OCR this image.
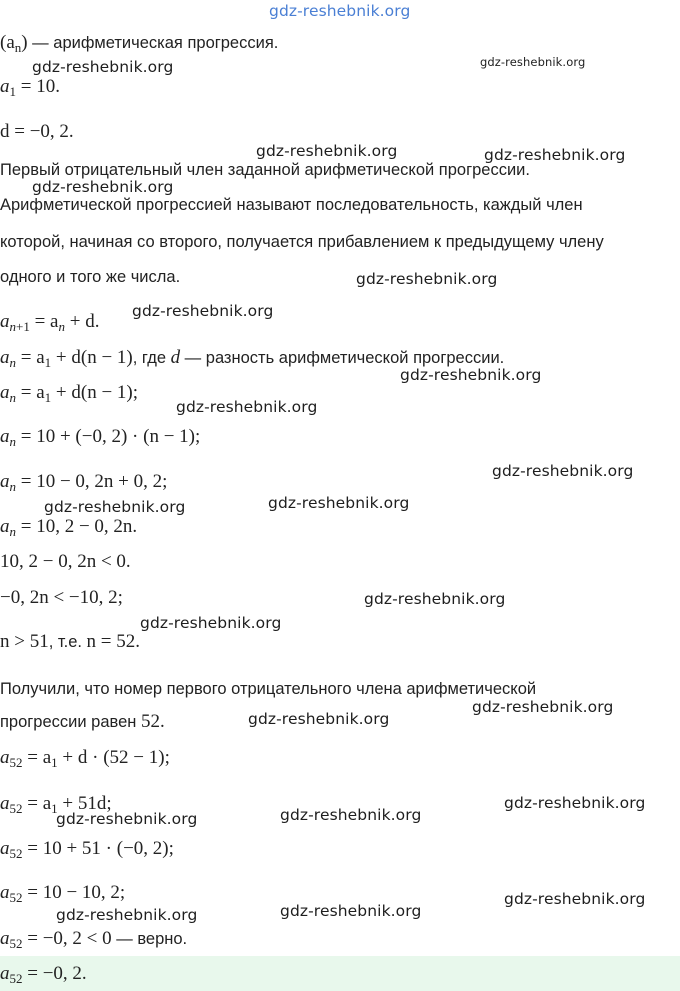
gdz-reshebnik.org
$(a_n)$ — арифметическая прогрессия.
$a_1 = 10$.
d = −0, 2.
Первый отрицательный член заданной арифметической прогрессии.
Арифметической прогрессией называют последовательность, каждый член
которой, начиная со второго, получается прибавлением к предыдущему члену
одного и того же числа.
$a_{n+1} = a_n + d$.
$a_n = a_1 + d(n - 1)$, где d — разность арифметической прогрессии.
$a_n = a_1 + d(n - 1)$;
$a_n = 10 + (-0$, 2) · (n − 1);
$a_n = 10 - 0$, 2n + 0, 2;
$a_n = 10$, 2 − 0, 2n.
10, 2 − 0, 2n < 0.
−0, 2n < −10, 2;
n > 51, т.е. n = 52.
Получили, что номер первого отрицательного члена арифметической
прогрессии равен 52.
$a_{52} = a_1 + d \cdot (52 - 1)$;
$a_{52} = a_1 + 51d$;
$a_{52} = 10 + 51 \cdot (-0$, 2);
$a_{52} = 10 - 10$, 2;
$a_{52} = -0$, 2 < 0 — верно.
$a_{52} = -0$, 2.
gdz-reshebnik.org	gdz-reshebnik.org
gdz-reshebnik.org	gdz-reshebnik.org
gdz-reshebnik.org
gdz-reshebnik.org
gdz-reshebnik.org
gdz-reshebnik.org
gdz-reshebnik.org
gdz-reshebnik.org
gdz-reshebnik.org
gdz-reshebnik.org
gdz-reshebnik.org
gdz-reshebnik.org
gdz-reshebnik.org
gdz-reshebnik.org
gdz-reshebnik.org
gdz-reshebnik.org
gdz-reshebnik.org
gdz-reshebnik.org
gdz-reshebnik.org
gdz-reshebnik.org
